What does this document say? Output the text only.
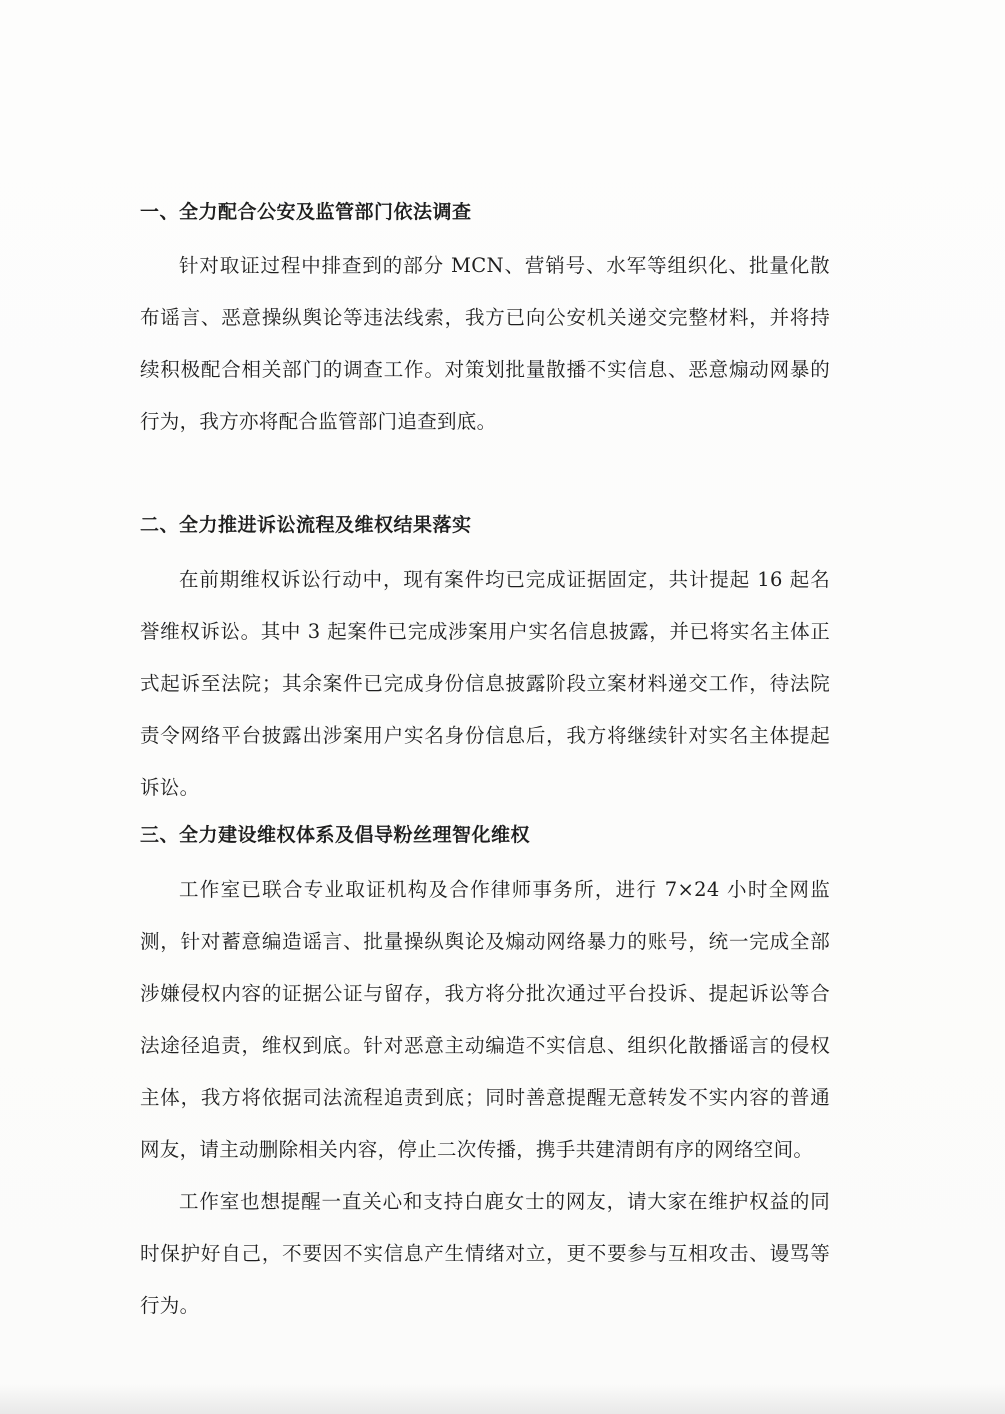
一、全力配合公安及监管部门依法调查

针对取证过程中排查到的部分 MCN、营销号、水军等组织化、批量化散布谣言、恶意操纵舆论等违法线索，我方已向公安机关递交完整材料，并将持续积极配合相关部门的调查工作。对策划批量散播不实信息、恶意煽动网暴的行为，我方亦将配合监管部门追查到底。

二、全力推进诉讼流程及维权结果落实

在前期维权诉讼行动中，现有案件均已完成证据固定，共计提起 16 起名誉维权诉讼。其中 3 起案件已完成涉案用户实名信息披露，并已将实名主体正式起诉至法院；其余案件已完成身份信息披露阶段立案材料递交工作，待法院责令网络平台披露出涉案用户实名身份信息后，我方将继续针对实名主体提起诉讼。

三、全力建设维权体系及倡导粉丝理智化维权

工作室已联合专业取证机构及合作律师事务所，进行 7×24 小时全网监测，针对蓄意编造谣言、批量操纵舆论及煽动网络暴力的账号，统一完成全部涉嫌侵权内容的证据公证与留存，我方将分批次通过平台投诉、提起诉讼等合法途径追责，维权到底。针对恶意主动编造不实信息、组织化散播谣言的侵权主体，我方将依据司法流程追责到底；同时善意提醒无意转发不实内容的普通网友，请主动删除相关内容，停止二次传播，携手共建清朗有序的网络空间。

工作室也想提醒一直关心和支持白鹿女士的网友，请大家在维护权益的同时保护好自己，不要因不实信息产生情绪对立，更不要参与互相攻击、谩骂等行为。
